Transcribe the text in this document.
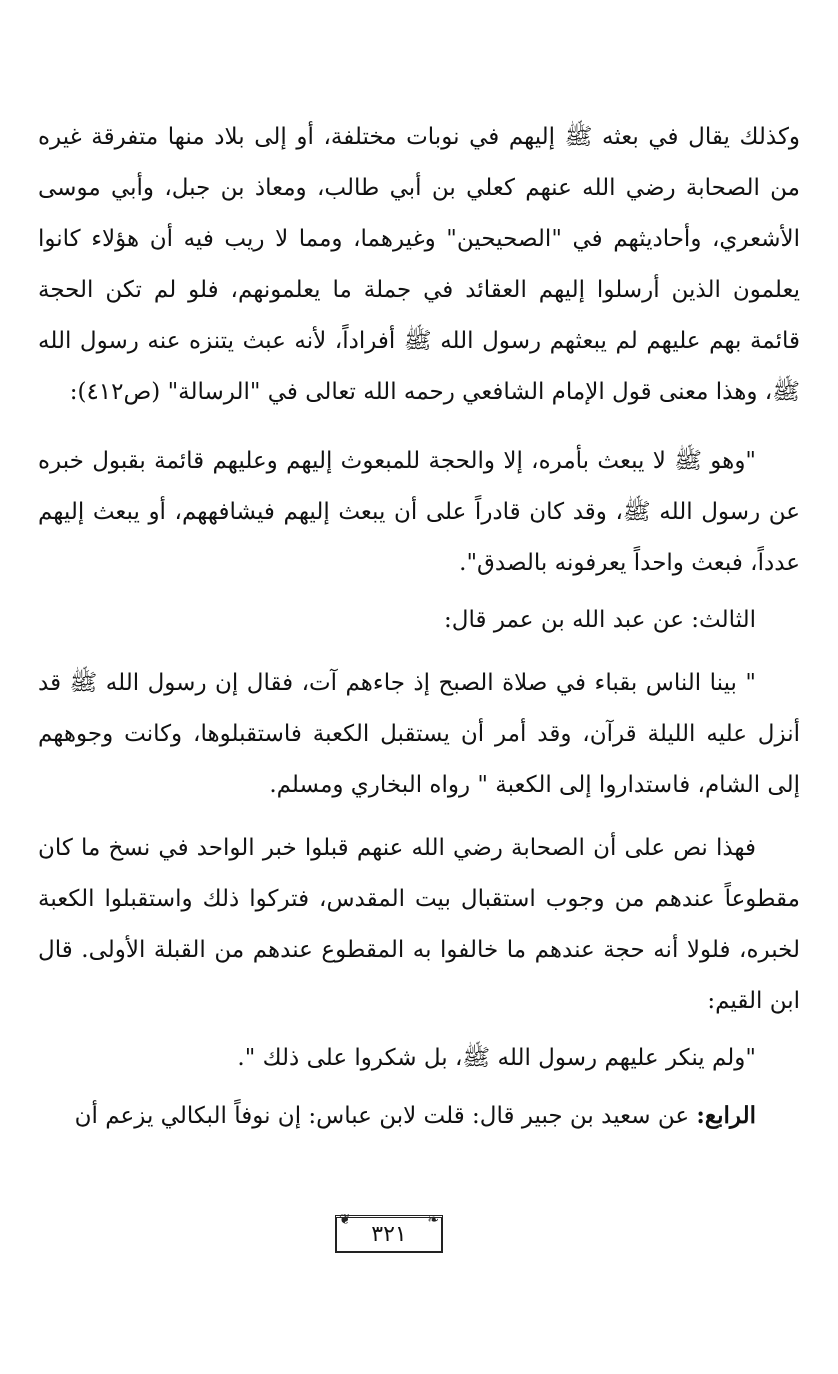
وكذلك يقال في بعثه ﷺ إليهم في نوبات مختلفة، أو إلى بلاد منها متفرقة غيره من الصحابة رضي الله عنهم كعلي بن أبي طالب، ومعاذ بن جبل، وأبي موسى الأشعري، وأحاديثهم في "الصحيحين" وغيرهما، ومما لا ريب فيه أن هؤلاء كانوا يعلمون الذين أرسلوا إليهم العقائد في جملة ما يعلمونهم، فلو لم تكن الحجة قائمة بهم عليهم لم يبعثهم رسول الله ﷺ أفراداً، لأنه عبث يتنزه عنه رسول الله ﷺ، وهذا معنى قول الإمام الشافعي رحمه الله تعالى في "الرسالة" (ص٤١٢):

"وهو ﷺ لا يبعث بأمره، إلا والحجة للمبعوث إليهم وعليهم قائمة بقبول خبره عن رسول الله ﷺ، وقد كان قادراً على أن يبعث إليهم فيشافههم، أو يبعث إليهم عدداً، فبعث واحداً يعرفونه بالصدق".

الثالث: عن عبد الله بن عمر قال:

" بينا الناس بقباء في صلاة الصبح إذ جاءهم آت، فقال إن رسول الله ﷺ قد أنزل عليه الليلة قرآن، وقد أمر أن يستقبل الكعبة فاستقبلوها، وكانت وجوههم إلى الشام، فاستداروا إلى الكعبة " رواه البخاري ومسلم.

فهذا نص على أن الصحابة رضي الله عنهم قبلوا خبر الواحد في نسخ ما كان مقطوعاً عندهم من وجوب استقبال بيت المقدس، فتركوا ذلك واستقبلوا الكعبة لخبره، فلولا أنه حجة عندهم ما خالفوا به المقطوع عندهم من القبلة الأولى. قال ابن القيم:

"ولم ينكر عليهم رسول الله ﷺ، بل شكروا على ذلك ".

الرابع: عن سعيد بن جبير قال: قلت لابن عباس: إن نوفاً البكالي يزعم أن

❦
٣٢١
❧
